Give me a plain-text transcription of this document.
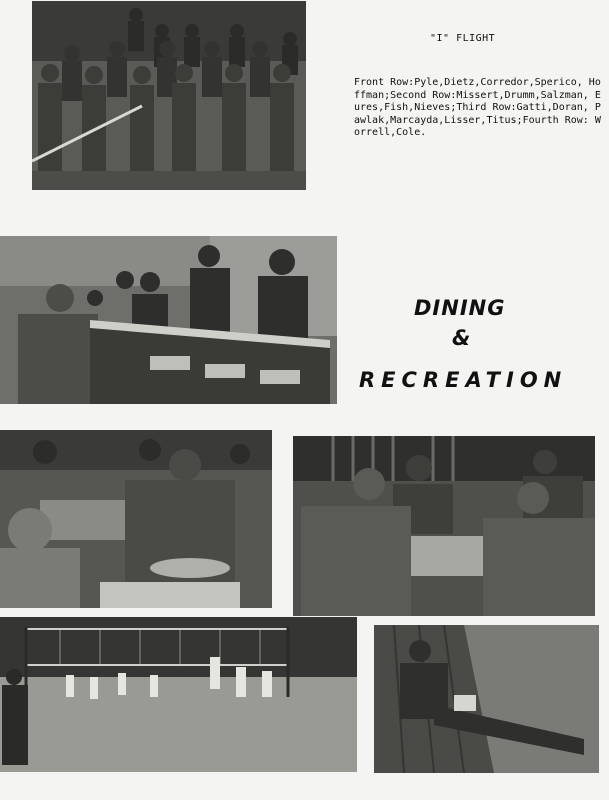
"I" FLIGHT
Front Row:Pyle,Dietz,Corredor,Sperico, Hoffman;Second Row:Missert,Drumm,Salzman, Eures,Fish,Nieves;Third Row:Gatti,Doran, Pawlak,Marcayda,Lisser,Titus;Fourth Row: Worrell,Cole.
DINING
&
RECREATION
